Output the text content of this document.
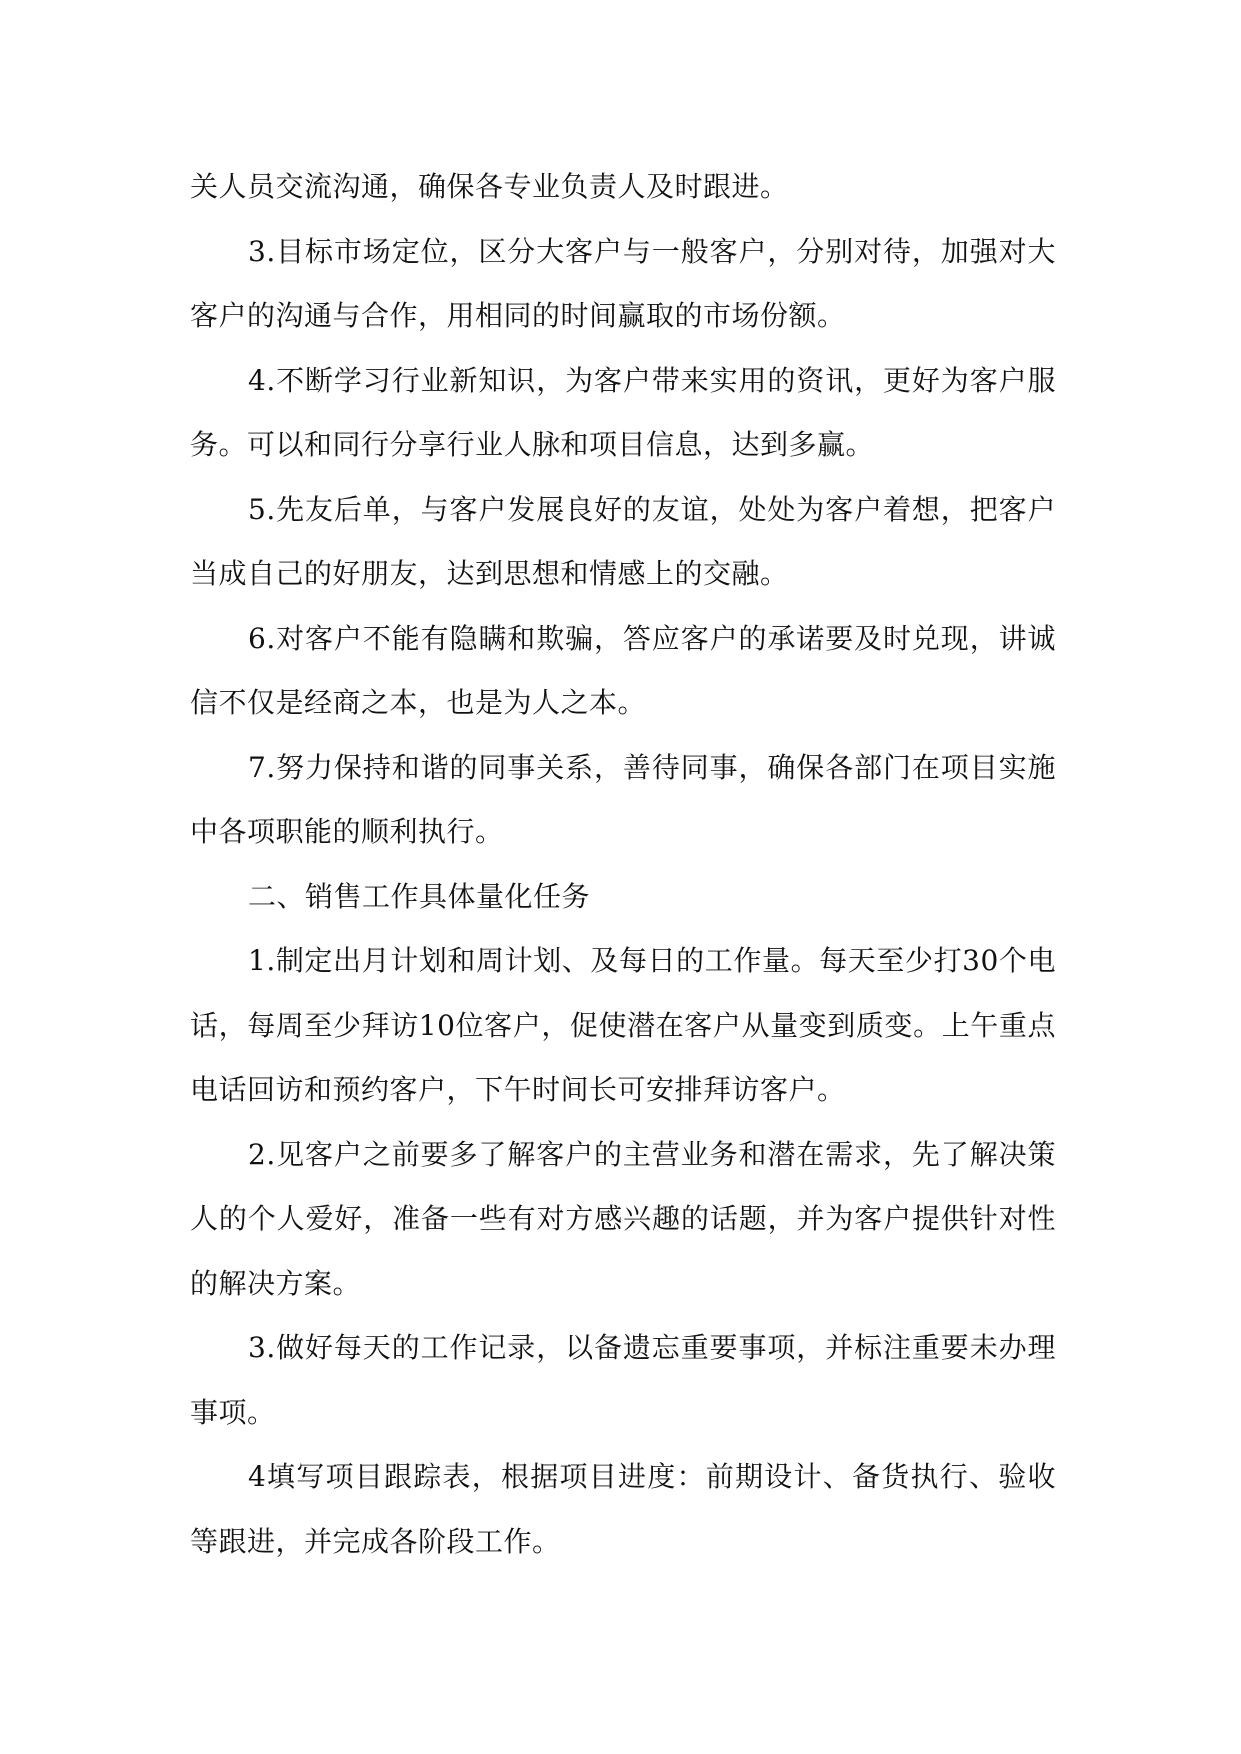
关人员交流沟通，确保各专业负责人及时跟进。

3.目标市场定位，区分大客户与一般客户，分别对待，加强对大客户的沟通与合作，用相同的时间赢取的市场份额。

4.不断学习行业新知识，为客户带来实用的资讯，更好为客户服务。可以和同行分享行业人脉和项目信息，达到多赢。

5.先友后单，与客户发展良好的友谊，处处为客户着想，把客户当成自己的好朋友，达到思想和情感上的交融。

6.对客户不能有隐瞒和欺骗，答应客户的承诺要及时兑现，讲诚信不仅是经商之本，也是为人之本。

7.努力保持和谐的同事关系，善待同事，确保各部门在项目实施中各项职能的顺利执行。

二、销售工作具体量化任务

1.制定出月计划和周计划、及每日的工作量。每天至少打30个电话，每周至少拜访10位客户，促使潜在客户从量变到质变。上午重点电话回访和预约客户，下午时间长可安排拜访客户。

2.见客户之前要多了解客户的主营业务和潜在需求，先了解决策人的个人爱好，准备一些有对方感兴趣的话题，并为客户提供针对性的解决方案。

3.做好每天的工作记录，以备遗忘重要事项，并标注重要未办理事项。

4填写项目跟踪表，根据项目进度：前期设计、备货执行、验收等跟进，并完成各阶段工作。
